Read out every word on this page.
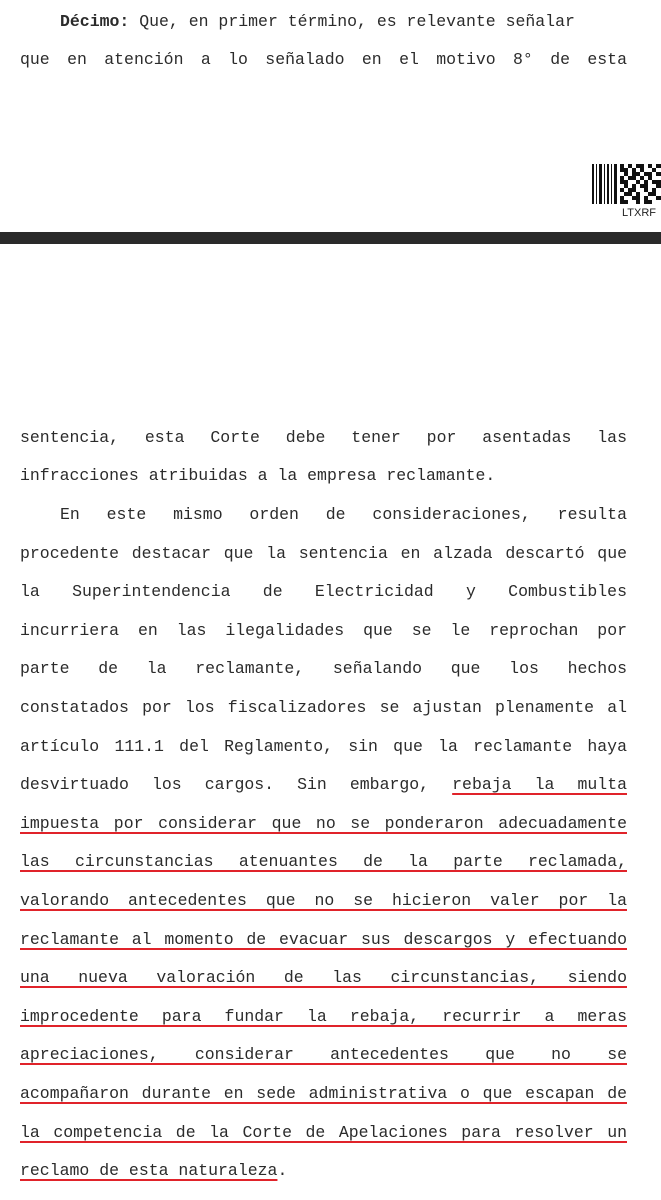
Décimo: Que, en primer término, es relevante señalar
que en atención a lo señalado en el motivo 8° de esta
LTXRF
sentencia, esta Corte debe tener por asentadas las
infracciones atribuidas a la empresa reclamante.
En este mismo orden de consideraciones, resulta
procedente destacar que la sentencia en alzada descartó que
la Superintendencia de Electricidad y Combustibles
incurriera en las ilegalidades que se le reprochan por
parte de la reclamante, señalando que los hechos
constatados por los fiscalizadores se ajustan plenamente al
artículo 111.1 del Reglamento, sin que la reclamante haya
desvirtuado los cargos. Sin embargo, rebaja la multa
impuesta por considerar que no se ponderaron adecuadamente
las circunstancias atenuantes de la parte reclamada,
valorando antecedentes que no se hicieron valer por la
reclamante al momento de evacuar sus descargos y efectuando
una nueva valoración de las circunstancias, siendo
improcedente para fundar la rebaja, recurrir a meras
apreciaciones, considerar antecedentes que no se
acompañaron durante en sede administrativa o que escapan de
la competencia de la Corte de Apelaciones para resolver un
reclamo de esta naturaleza.
